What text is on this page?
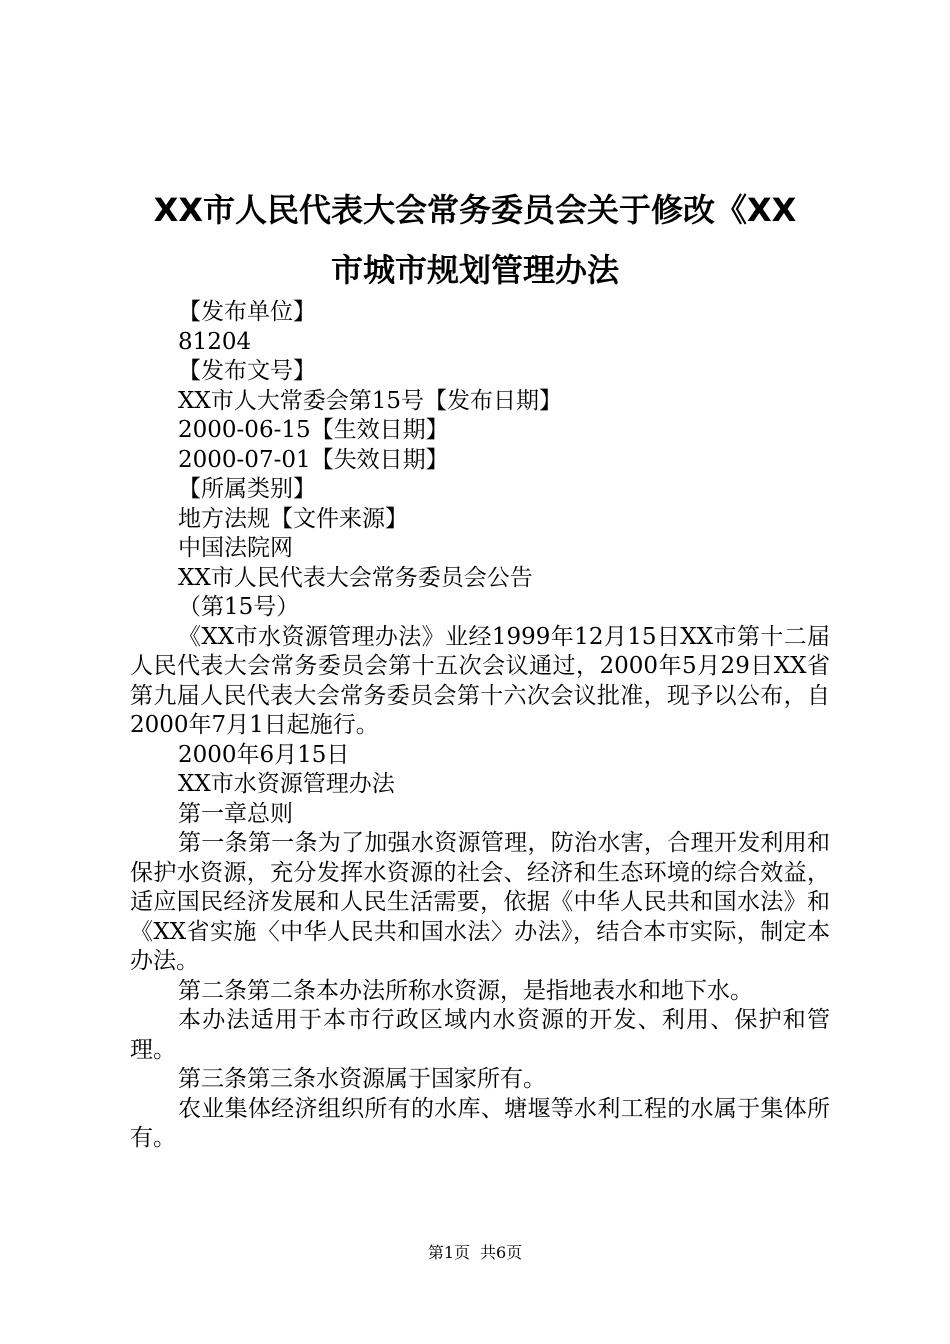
XX市人民代表大会常务委员会关于修改《XX
市城市规划管理办法

【发布单位】

81204

【发布文号】

XX市人大常委会第15号【发布日期】

2000-06-15【生效日期】

2000-07-01【失效日期】

【所属类别】

地方法规【文件来源】

中国法院网

XX市人民代表大会常务委员会公告

（第15号）

《XX市水资源管理办法》业经1999年12月15日XX市第十二届人民代表大会常务委员会第十五次会议通过，2000年5月29日XX省第九届人民代表大会常务委员会第十六次会议批准，现予以公布，自2000年7月1日起施行。

2000年6月15日

XX市水资源管理办法

第一章总则

第一条第一条为了加强水资源管理，防治水害，合理开发利用和保护水资源，充分发挥水资源的社会、经济和生态环境的综合效益，适应国民经济发展和人民生活需要，依据《中华人民共和国水法》和《XX省实施〈中华人民共和国水法〉办法》，结合本市实际，制定本办法。

第二条第二条本办法所称水资源，是指地表水和地下水。

本办法适用于本市行政区域内水资源的开发、利用、保护和管理。

第三条第三条水资源属于国家所有。

农业集体经济组织所有的水库、塘堰等水利工程的水属于集体所有。

第1页 共6页
